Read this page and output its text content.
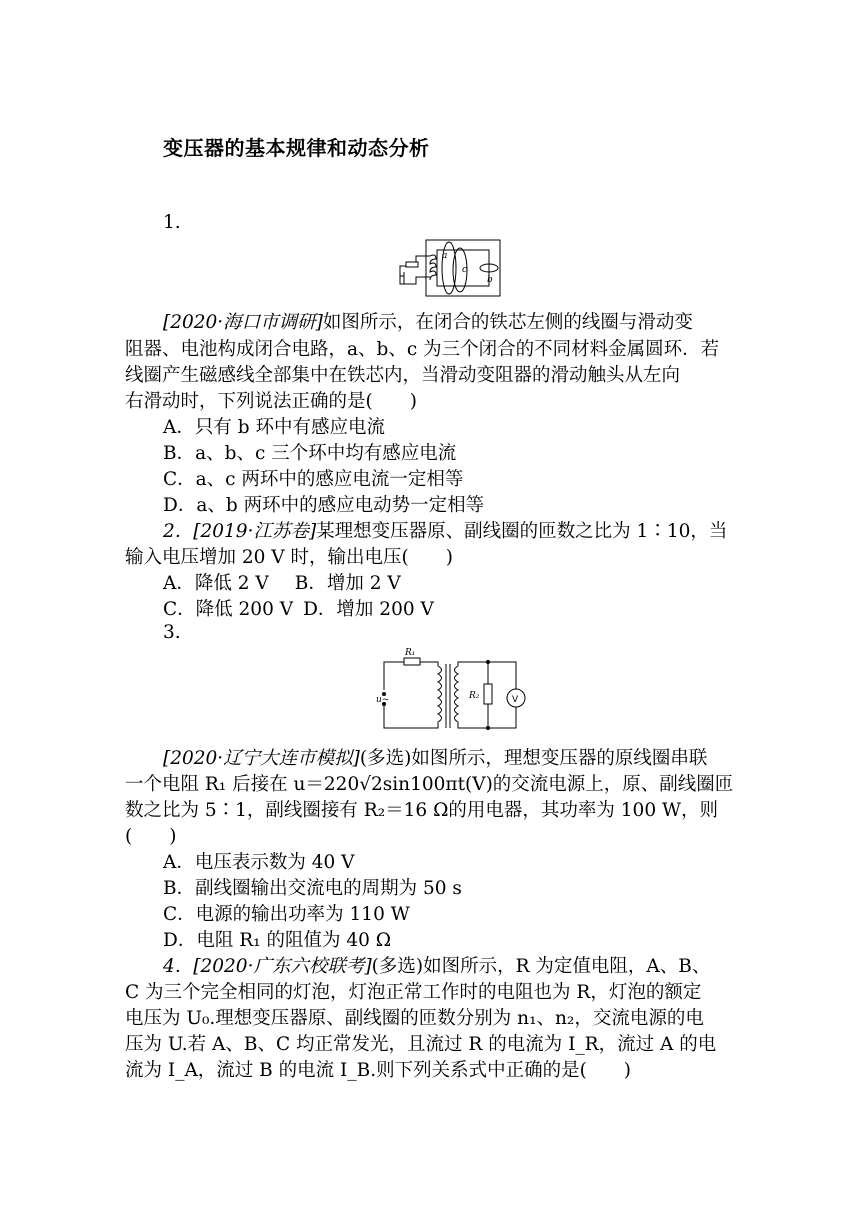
变压器的基本规律和动态分析
1.
a
c
b
[2020·海口市调研]如图所示，在闭合的铁芯左侧的线圈与滑动变
阻器、电池构成闭合电路，a、b、c 为三个闭合的不同材料金属圆环．若
线圈产生磁感线全部集中在铁芯内，当滑动变阻器的滑动触头从左向
右滑动时，下列说法正确的是(　　)
A．只有 b 环中有感应电流
B．a、b、c 三个环中均有感应电流
C．a、c 两环中的感应电流一定相等
D．a、b 两环中的感应电动势一定相等
2．[2019·江苏卷]某理想变压器原、副线圈的匝数之比为 1∶10，当
输入电压增加 20 V 时，输出电压(　　)
A．降低 2 V B．增加 2 V
C．降低 200 V D．增加 200 V
3.
R₁
R₂
u~	V
[2020·辽宁大连市模拟](多选)如图所示，理想变压器的原线圈串联
一个电阻 R₁ 后接在 u＝220√2sin100πt(V)的交流电源上，原、副线圈匝
数之比为 5∶1，副线圈接有 R₂＝16 Ω的用电器，其功率为 100 W，则
(　　)
A．电压表示数为 40 V
B．副线圈输出交流电的周期为 50 s
C．电源的输出功率为 110 W
D．电阻 R₁ 的阻值为 40 Ω
4．[2020·广东六校联考](多选)如图所示，R 为定值电阻，A、B、
C 为三个完全相同的灯泡，灯泡正常工作时的电阻也为 R，灯泡的额定
电压为 U₀.理想变压器原、副线圈的匝数分别为 n₁、n₂，交流电源的电
压为 U.若 A、B、C 均正常发光，且流过 R 的电流为 I_R，流过 A 的电
流为 I_A，流过 B 的电流 I_B.则下列关系式中正确的是(　　)
